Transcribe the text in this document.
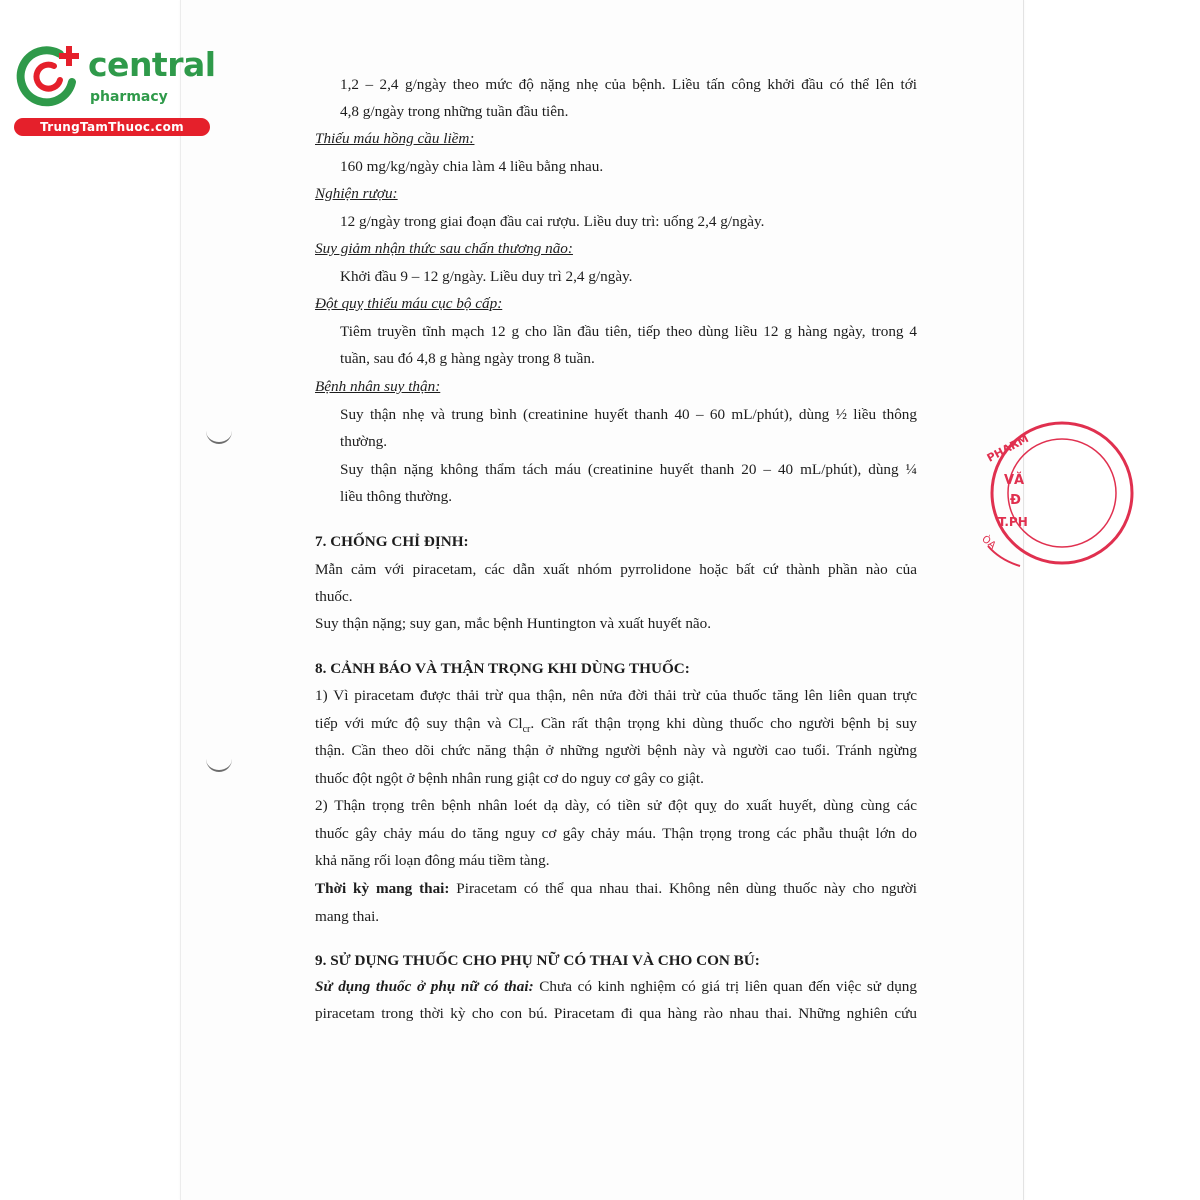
PHARM
VĂ
Đ
T.PH
ÒA
central
pharmacy
TrungTamThuoc.com
1,2 – 2,4 g/ngày theo mức độ nặng nhẹ của bệnh. Liều tấn công khởi đầu có thể lên tới
4,8 g/ngày trong những tuần đầu tiên.
Thiếu máu hồng cầu liềm:
160 mg/kg/ngày chia làm 4 liều bằng nhau.
Nghiện rượu:
12 g/ngày trong giai đoạn đầu cai rượu. Liều duy trì: uống 2,4 g/ngày.
Suy giảm nhận thức sau chấn thương não:
Khởi đầu 9 – 12 g/ngày. Liều duy trì 2,4 g/ngày.
Đột quỵ thiếu máu cục bộ cấp:
Tiêm truyền tĩnh mạch 12 g cho lần đầu tiên, tiếp theo dùng liều 12 g hàng ngày, trong 4
tuần, sau đó 4,8 g hàng ngày trong 8 tuần.
Bệnh nhân suy thận:
Suy thận nhẹ và trung bình (creatinine huyết thanh 40 – 60 mL/phút), dùng ½ liều thông
thường.
Suy thận nặng không thẩm tách máu (creatinine huyết thanh 20 – 40 mL/phút), dùng ¼
liều thông thường.
7. CHỐNG CHỈ ĐỊNH:
Mẫn cảm với piracetam, các dẫn xuất nhóm pyrrolidone hoặc bất cứ thành phần nào của
thuốc.
Suy thận nặng; suy gan, mắc bệnh Huntington và xuất huyết não.
8. CẢNH BÁO VÀ THẬN TRỌNG KHI DÙNG THUỐC:
1) Vì piracetam được thải trừ qua thận, nên nửa đời thải trừ của thuốc tăng lên liên quan trực
tiếp với mức độ suy thận và $Cl_{cr}$. Cần rất thận trọng khi dùng thuốc cho người bệnh bị suy
thận. Cần theo dõi chức năng thận ở những người bệnh này và người cao tuổi. Tránh ngừng
thuốc đột ngột ở bệnh nhân rung giật cơ do nguy cơ gây co giật.
2) Thận trọng trên bệnh nhân loét dạ dày, có tiền sử đột quỵ do xuất huyết, dùng cùng các
thuốc gây chảy máu do tăng nguy cơ gây chảy máu. Thận trọng trong các phẫu thuật lớn do
khả năng rối loạn đông máu tiềm tàng.
Thời kỳ mang thai: Piracetam có thể qua nhau thai. Không nên dùng thuốc này cho người
mang thai.
9. SỬ DỤNG THUỐC CHO PHỤ NỮ CÓ THAI VÀ CHO CON BÚ:
Sử dụng thuốc ở phụ nữ có thai: Chưa có kinh nghiệm có giá trị liên quan đến việc sử dụng
piracetam trong thời kỳ cho con bú. Piracetam đi qua hàng rào nhau thai. Những nghiên cứu
